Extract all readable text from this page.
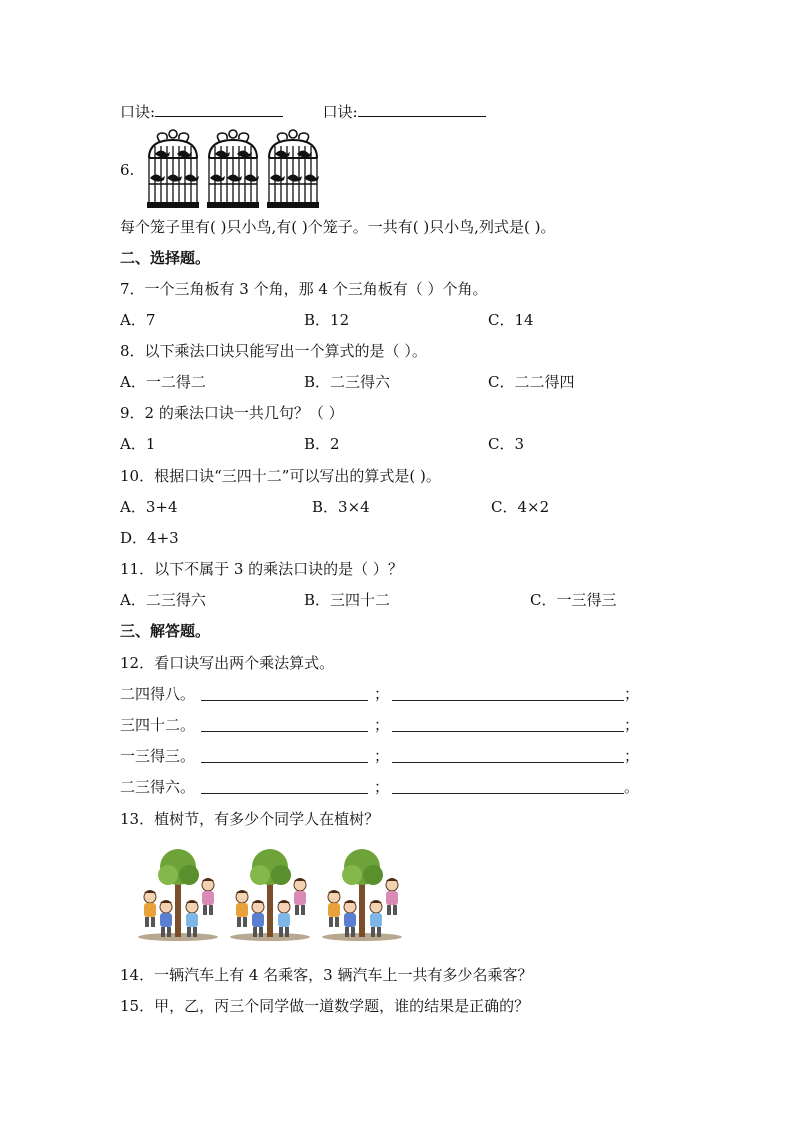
口诀:	口诀:
6.
每个笼子里有( )只小鸟,有( )个笼子。一共有( )只小鸟,列式是( )。
二、选择题。
7．一个三角板有 3 个角，那 4 个三角板有（ ）个角。
A．7	B．12	C．14
8．以下乘法口诀只能写出一个算式的是（ ）。
A．一二得二	B．二三得六	C．二二得四
9．2 的乘法口诀一共几句？（ ）
A．1	B．2	C．3
10．根据口诀“三四十二”可以写出的算式是( )。
A．3+4	B．3×4	C．4×2
D．4+3
11．以下不属于 3 的乘法口诀的是（ ）？
A．二三得六	B．三四十二	C．一三得三
三、解答题。
12．看口诀写出两个乘法算式。
二四得八。	；	；
三四十二。	；	；
一三得三。	；	；
二三得六。	；	。
13．植树节，有多少个同学人在植树？
14．一辆汽车上有 4 名乘客，3 辆汽车上一共有多少名乘客？
15．甲，乙，丙三个同学做一道数学题，谁的结果是正确的？
